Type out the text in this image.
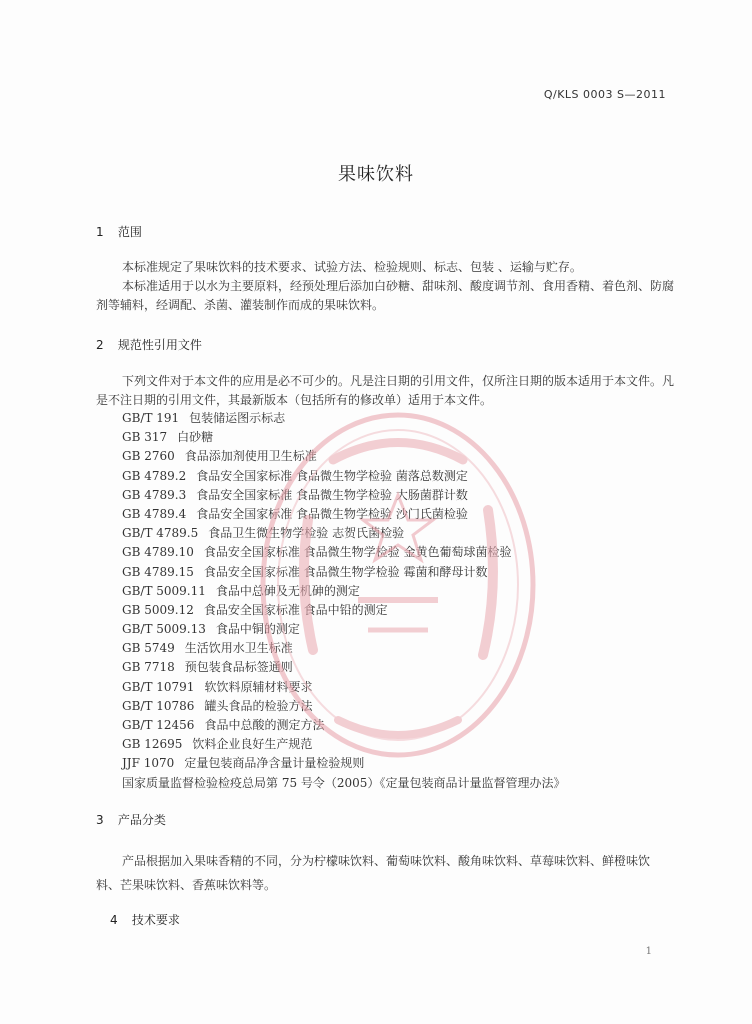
Q/KLS 0003 S—2011
果味饮料
1 范围
本标准规定了果味饮料的技术要求、试验方法、检验规则、标志、包装 、运输与贮存。
本标准适用于以水为主要原料，经预处理后添加白砂糖、甜味剂、酸度调节剂、食用香精、着色剂、防腐剂等辅料，经调配、杀菌、灌装制作而成的果味饮料。
2 规范性引用文件
下列文件对于本文件的应用是必不可少的。凡是注日期的引用文件，仅所注日期的版本适用于本文件。凡是不注日期的引用文件，其最新版本（包括所有的修改单）适用于本文件。
GB/T 191 包装储运图示标志
GB 317 白砂糖
GB 2760 食品添加剂使用卫生标准
GB 4789.2 食品安全国家标准 食品微生物学检验 菌落总数测定
GB 4789.3 食品安全国家标准 食品微生物学检验 大肠菌群计数
GB 4789.4 食品安全国家标准 食品微生物学检验 沙门氏菌检验
GB/T 4789.5 食品卫生微生物学检验 志贺氏菌检验
GB 4789.10 食品安全国家标准 食品微生物学检验 金黄色葡萄球菌检验
GB 4789.15 食品安全国家标准 食品微生物学检验 霉菌和酵母计数
GB/T 5009.11 食品中总砷及无机砷的测定
GB 5009.12 食品安全国家标准 食品中铅的测定
GB/T 5009.13 食品中铜的测定
GB 5749 生活饮用水卫生标准
GB 7718 预包装食品标签通则
GB/T 10791 软饮料原辅材料要求
GB/T 10786 罐头食品的检验方法
GB/T 12456 食品中总酸的测定方法
GB 12695 饮料企业良好生产规范
JJF 1070 定量包装商品净含量计量检验规则
国家质量监督检验检疫总局第 75 号令（2005）《定量包装商品计量监督管理办法》
3 产品分类
产品根据加入果味香精的不同，分为柠檬味饮料、葡萄味饮料、酸角味饮料、草莓味饮料、鲜橙味饮料、芒果味饮料、香蕉味饮料等。
4 技术要求
1
